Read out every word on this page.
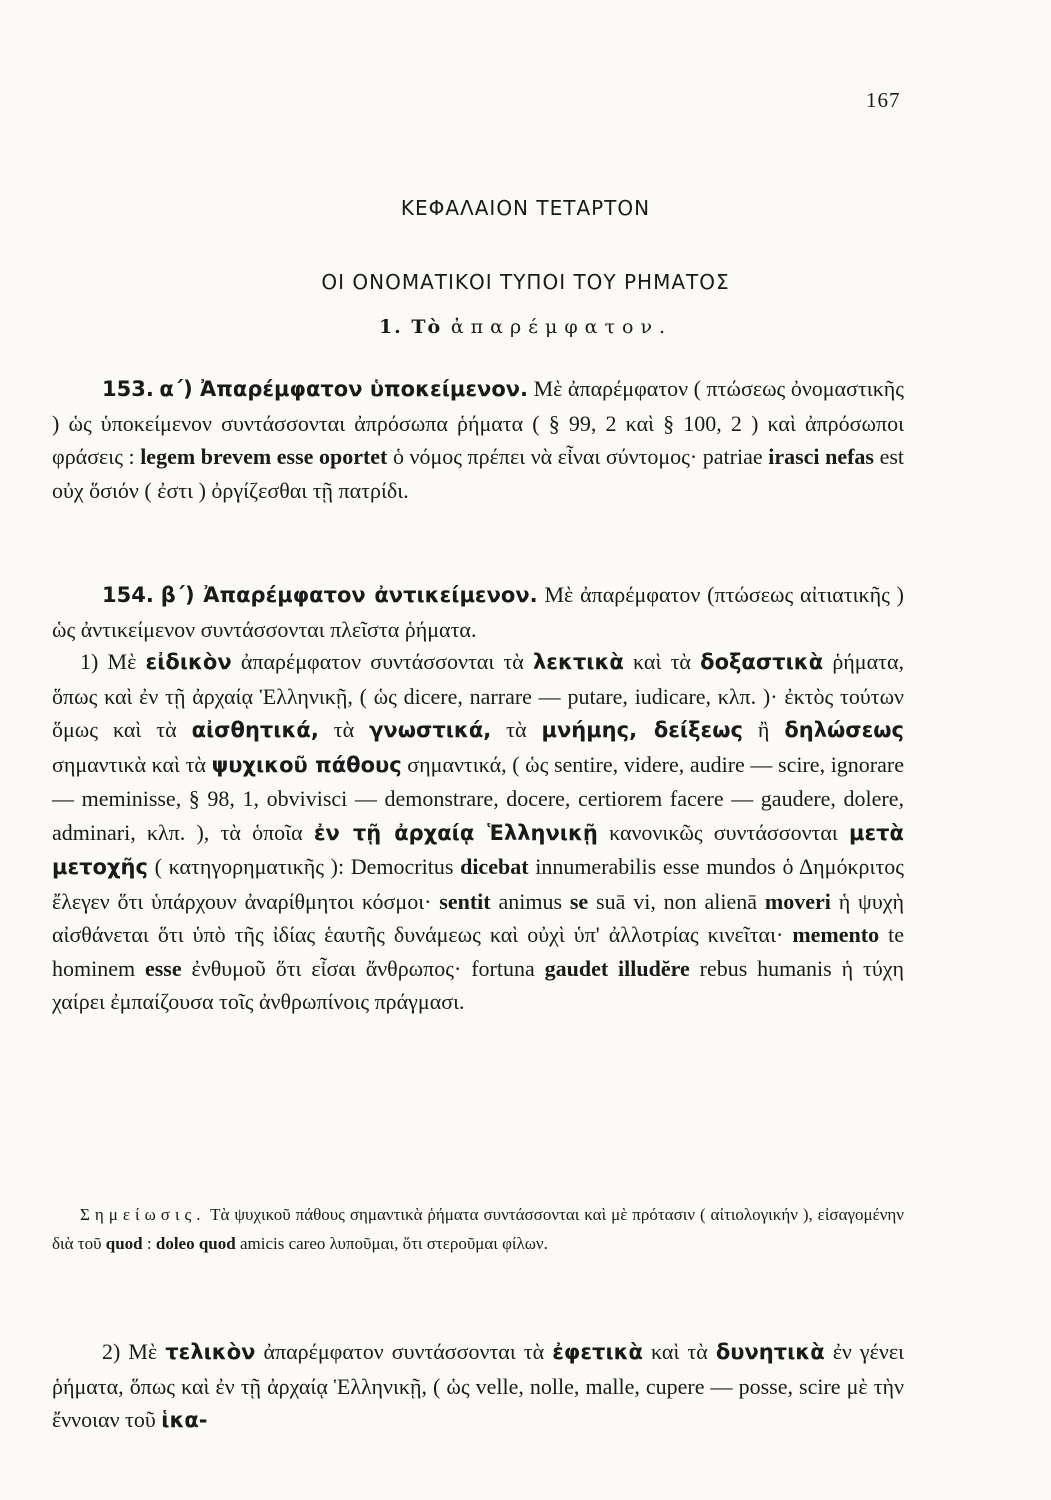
167
ΚΕΦΑΛΑΙΟΝ ΤΕΤΑΡΤΟΝ
ΟΙ ΟΝΟΜΑΤΙΚΟΙ ΤΥΠΟΙ ΤΟΥ ΡΗΜΑΤΟΣ
1. Τὸ ἀπαρέμφατον.

153. α΄) Ἀπαρέμφατον ὑποκείμενον. Μὲ ἀπαρέμφατον ( πτώσεως ὀνομαστικῆς ) ὡς ὑποκείμενον συντάσσονται ἀπρόσωπα ῥήματα ( § 99, 2 καὶ § 100, 2 ) καὶ ἀπρόσωποι φράσεις : legem brevem esse oportet ὁ νόμος πρέπει νὰ εἶναι σύντομος· patriae irasci nefas est οὐχ ὅσιόν ( ἐστι ) ὀργίζεσθαι τῇ πατρίδι.

154. β΄) Ἀπαρέμφατον ἀντικείμενον. Μὲ ἀπαρέμφατον (πτώσεως αἰτιατικῆς ) ὡς ἀντικείμενον συντάσσονται πλεῖστα ῥήματα.

1) Μὲ εἰδικὸν ἀπαρέμφατον συντάσσονται τὰ λεκτικὰ καὶ τὰ δοξαστικὰ ῥήματα, ὅπως καὶ ἐν τῇ ἀρχαίᾳ Ἑλληνικῇ, ( ὡς dicere, narrare — putare, iudicare, κλπ. )· ἐκτὸς τούτων ὅμως καὶ τὰ αἰσθητικά, τὰ γνωστικά, τὰ μνήμης, δείξεως ἢ δηλώσεως σημαντικὰ καὶ τὰ ψυχικοῦ πάθους σημαντικά, ( ὡς sentire, videre, audire — scire, ignorare — meminisse, § 98, 1, obvivisci — demonstrare, docere, certiorem facere — gaudere, dolere, adminari, κλπ. ), τὰ ὁποῖα ἐν τῇ ἀρχαίᾳ Ἑλληνικῇ κανονικῶς συντάσσονται μετὰ μετοχῆς ( κατηγορηματικῆς ): Democritus dicebat innumerabilis esse mundos ὁ Δημόκριτος ἔλεγεν ὅτι ὑπάρχουν ἀναρίθμητοι κόσμοι· sentit animus se suā vi, non alienā moveri ἡ ψυχὴ αἰσθάνεται ὅτι ὑπὸ τῆς ἰδίας ἑαυτῆς δυνάμεως καὶ οὐχὶ ὑπ' ἀλλοτρίας κινεῖται· memento te hominem esse ἐνθυμοῦ ὅτι εἶσαι ἄνθρωπος· fortuna gaudet illudĕre rebus humanis ἡ τύχη χαίρει ἐμπαίζουσα τοῖς ἀνθρωπίνοις πράγμασι.

Σημείωσις. Τὰ ψυχικοῦ πάθους σημαντικὰ ῥήματα συντάσσονται καὶ μὲ πρότασιν ( αἰτιολογικήν ), εἰσαγομένην διὰ τοῦ quod : doleo quod amicis careo λυποῦμαι, ὅτι στεροῦμαι φίλων.

2) Μὲ τελικὸν ἀπαρέμφατον συντάσσονται τὰ ἐφετικὰ καὶ τὰ δυνητικὰ ἐν γένει ῥήματα, ὅπως καὶ ἐν τῇ ἀρχαίᾳ Ἑλληνικῇ, ( ὡς velle, nolle, malle, cupere — posse, scire μὲ τὴν ἔννοιαν τοῦ ἱκα-
